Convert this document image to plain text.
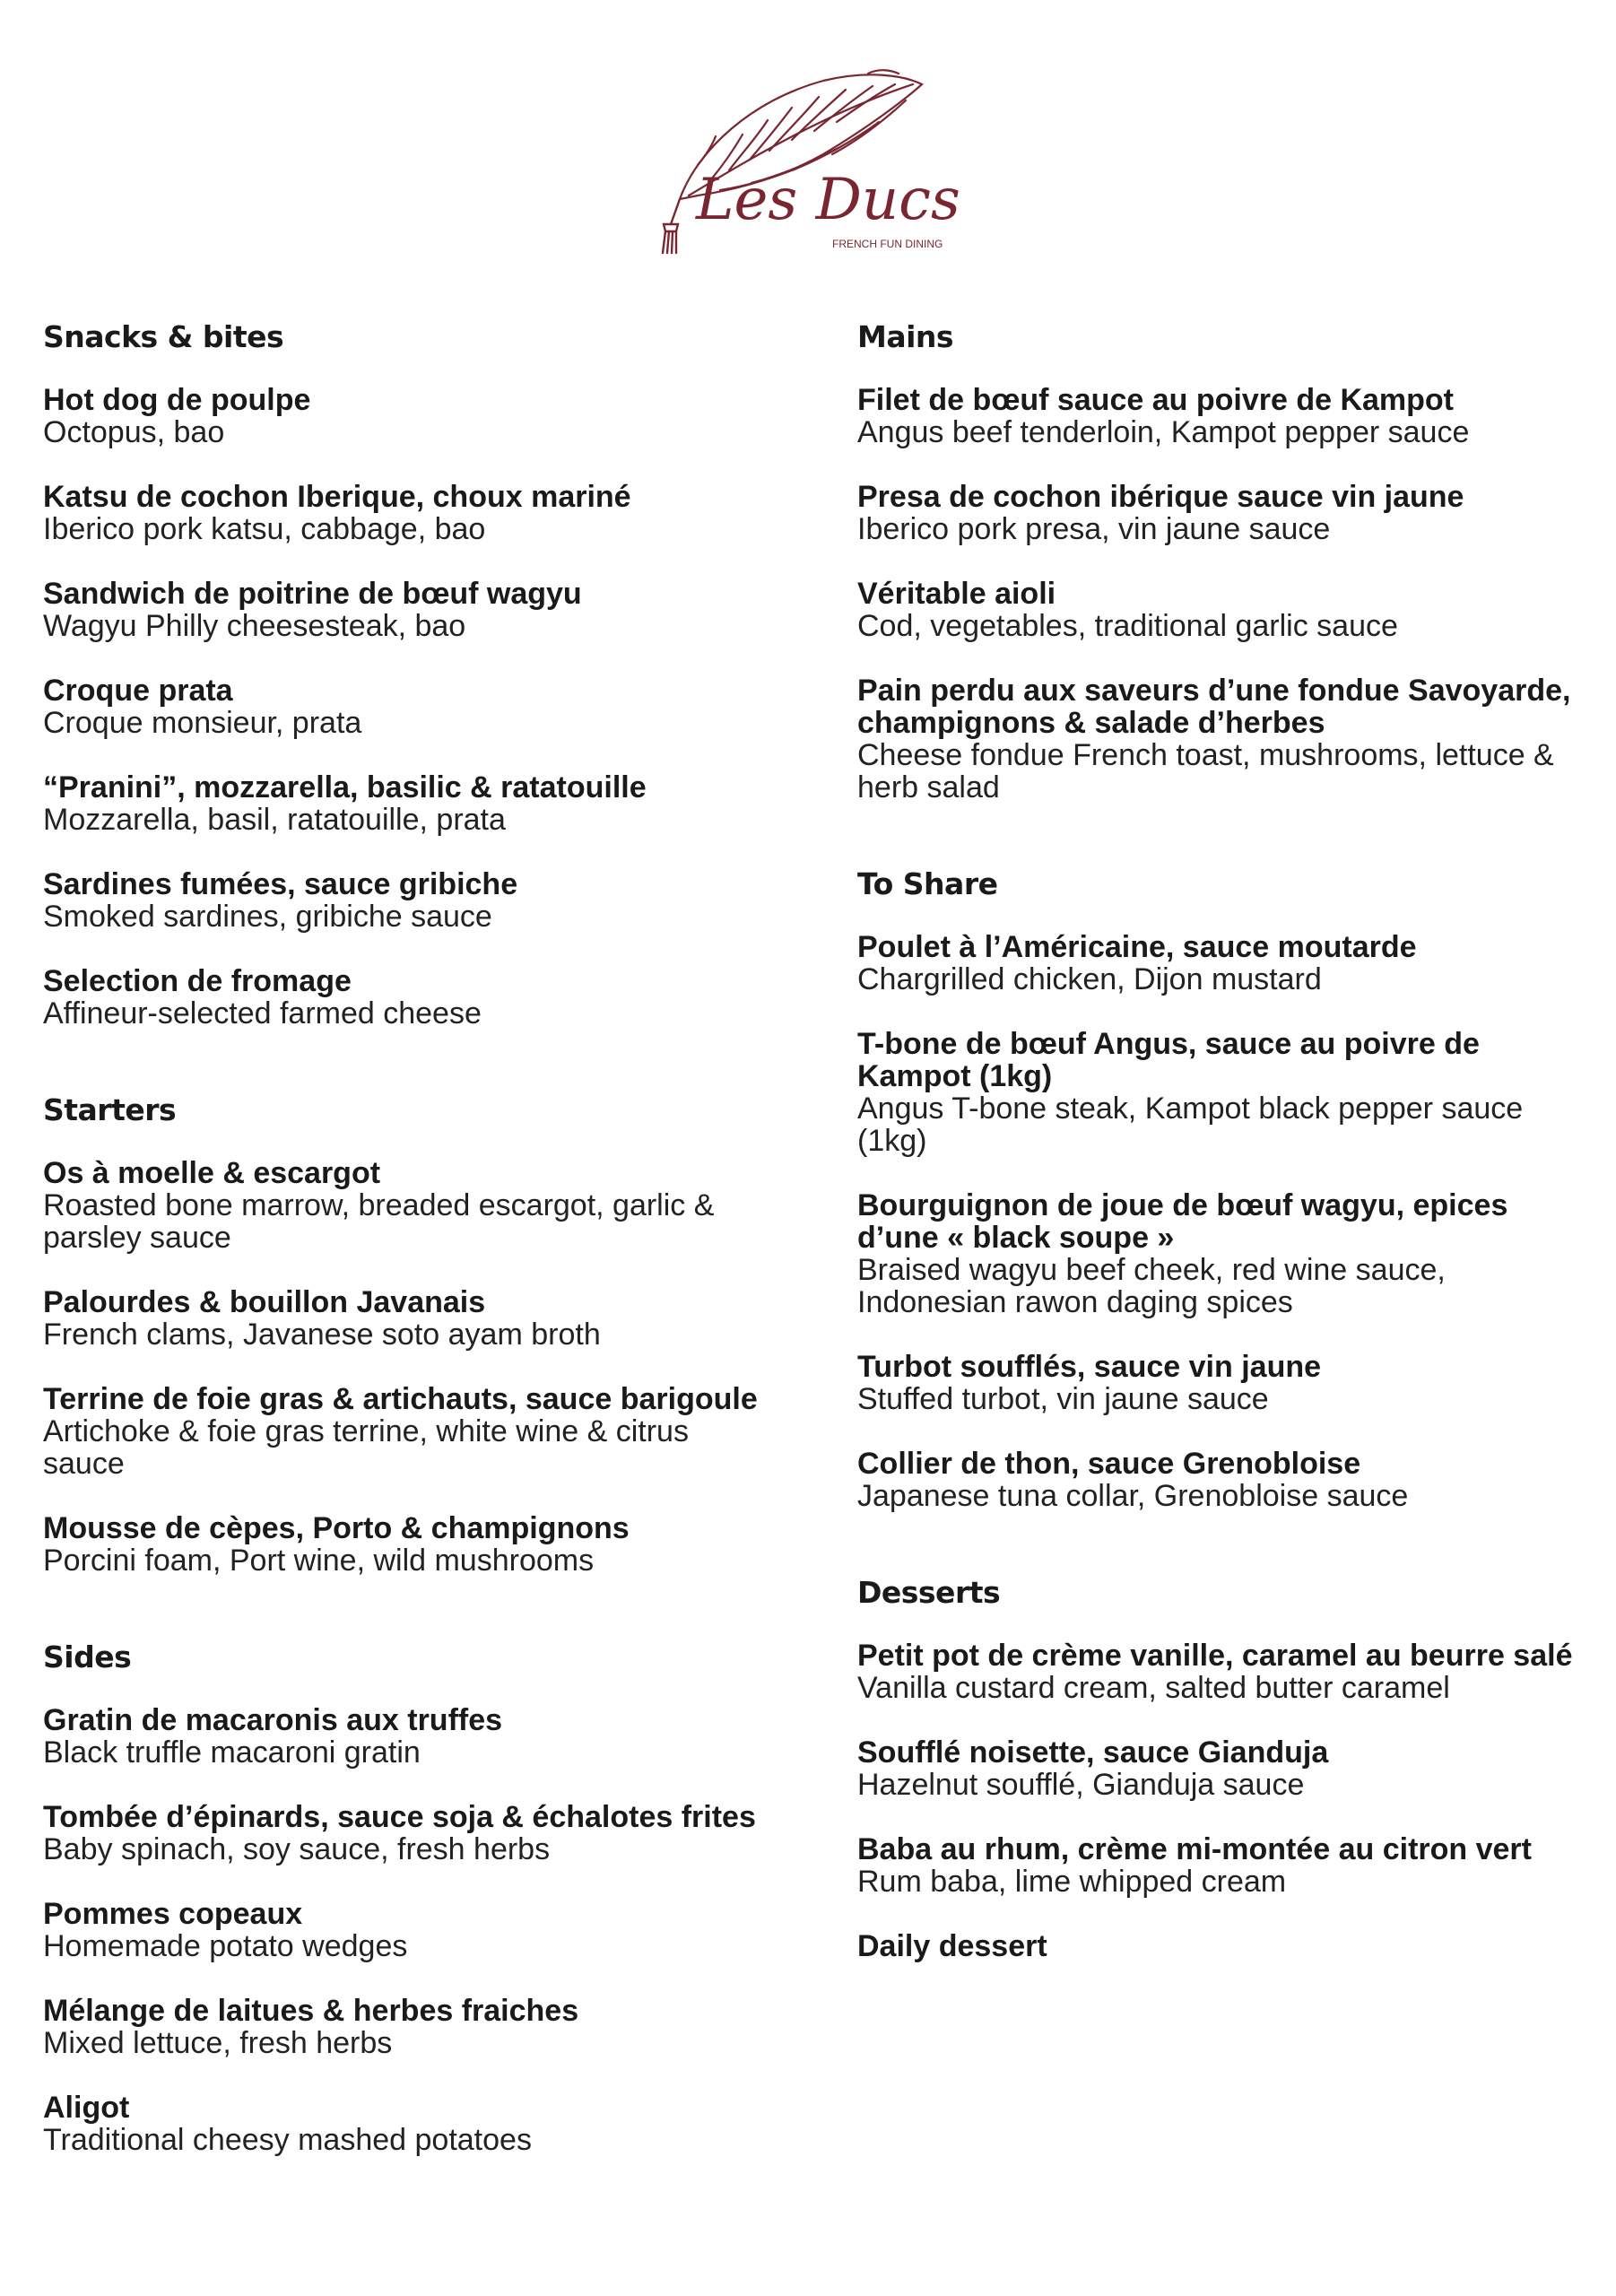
Les Ducs
FRENCH FUN DINING
Snacks & bites
Hot dog de poulpe
Octopus, bao
Katsu de cochon Iberique, choux mariné
Iberico pork katsu, cabbage, bao
Sandwich de poitrine de bœuf wagyu
Wagyu Philly cheesesteak, bao
Croque prata
Croque monsieur, prata
“Pranini”, mozzarella, basilic & ratatouille
Mozzarella, basil, ratatouille, prata
Sardines fumées, sauce gribiche
Smoked sardines, gribiche sauce
Selection de fromage
Affineur-selected farmed cheese
Starters
Os à moelle & escargot
Roasted bone marrow, breaded escargot, garlic & parsley sauce
Palourdes & bouillon Javanais
French clams, Javanese soto ayam broth
Terrine de foie gras & artichauts, sauce barigoule
Artichoke & foie gras terrine, white wine & citrus sauce
Mousse de cèpes, Porto & champignons
Porcini foam, Port wine, wild mushrooms
Sides
Gratin de macaronis aux truffes
Black truffle macaroni gratin
Tombée d’épinards, sauce soja & échalotes frites
Baby spinach, soy sauce, fresh herbs
Pommes copeaux
Homemade potato wedges
Mélange de laitues & herbes fraiches
Mixed lettuce, fresh herbs
Aligot
Traditional cheesy mashed potatoes
Mains
Filet de bœuf sauce au poivre de Kampot
Angus beef tenderloin, Kampot pepper sauce
Presa de cochon ibérique sauce vin jaune
Iberico pork presa, vin jaune sauce
Véritable aioli
Cod, vegetables, traditional garlic sauce
Pain perdu aux saveurs d’une fondue Savoyarde, champignons & salade d’herbes
Cheese fondue French toast, mushrooms, lettuce & herb salad
To Share
Poulet à l’Américaine, sauce moutarde
Chargrilled chicken, Dijon mustard
T-bone de bœuf Angus, sauce au poivre de Kampot (1kg)
Angus T-bone steak, Kampot black pepper sauce (1kg)
Bourguignon de joue de bœuf wagyu, epices d’une « black soupe »
Braised wagyu beef cheek, red wine sauce, Indonesian rawon daging spices
Turbot soufflés, sauce vin jaune
Stuffed turbot, vin jaune sauce
Collier de thon, sauce Grenobloise
Japanese tuna collar, Grenobloise sauce
Desserts
Petit pot de crème vanille, caramel au beurre salé
Vanilla custard cream, salted butter caramel
Soufflé noisette, sauce Gianduja
Hazelnut soufflé, Gianduja sauce
Baba au rhum, crème mi-montée au citron vert
Rum baba, lime whipped cream
Daily dessert
